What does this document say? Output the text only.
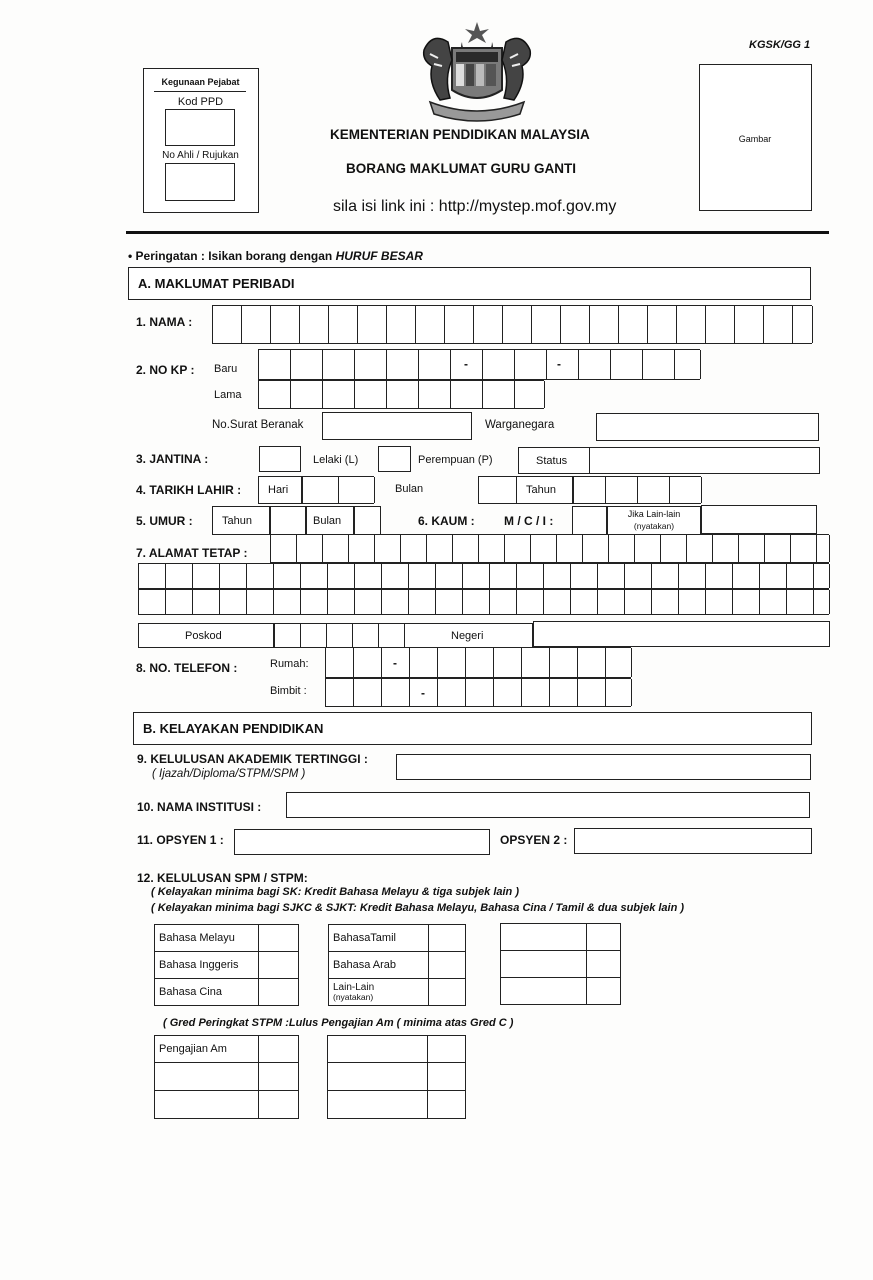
KGSK/GG 1
Kegunaan Pejabat
Kod PPD
No Ahli / Rujukan
KEMENTERIAN PENDIDIKAN MALAYSIA
BORANG MAKLUMAT GURU GANTI
sila isi link ini : http://mystep.mof.gov.my
Gambar
• Peringatan : Isikan borang dengan HURUF BESAR
A. MAKLUMAT PERIBADI
1. NAMA :
2. NO KP : Baru	-	-
Lama
No.Surat Beranak	Warganegara
3. JANTINA :	Lelaki (L)	Perempuan (P)	Status
4. TARIKH LAHIR : Hari	Bulan	Tahun
5. UMUR :	Tahun	Bulan	6. KAUM : M / C / I :	Jika Lain-lain
(nyatakan)
7. ALAMAT TETAP :
Poskod	Negeri
8. NO. TELEFON :	Rumah:	-
Bimbit :	-
B. KELAYAKAN PENDIDIKAN
9. KELULUSAN AKADEMIK TERTINGGI :
( Ijazah/Diploma/STPM/SPM )
10. NAMA INSTITUSI :
11. OPSYEN 1 :	OPSYEN 2 :
12. KELULUSAN SPM / STPM:
( Kelayakan minima bagi SK: Kredit Bahasa Melayu & tiga subjek lain )
( Kelayakan minima bagi SJKC & SJKT: Kredit Bahasa Melayu, Bahasa Cina / Tamil & dua subjek lain )
Bahasa Melayu	
Bahasa Inggeris	
Bahasa Cina	
BahasaTamil	
Bahasa Arab	
Lain-Lain
(nyatakan)	

( Gred Peringkat STPM :Lulus Pengajian Am ( minima atas Gred C )
Pengajian Am	
